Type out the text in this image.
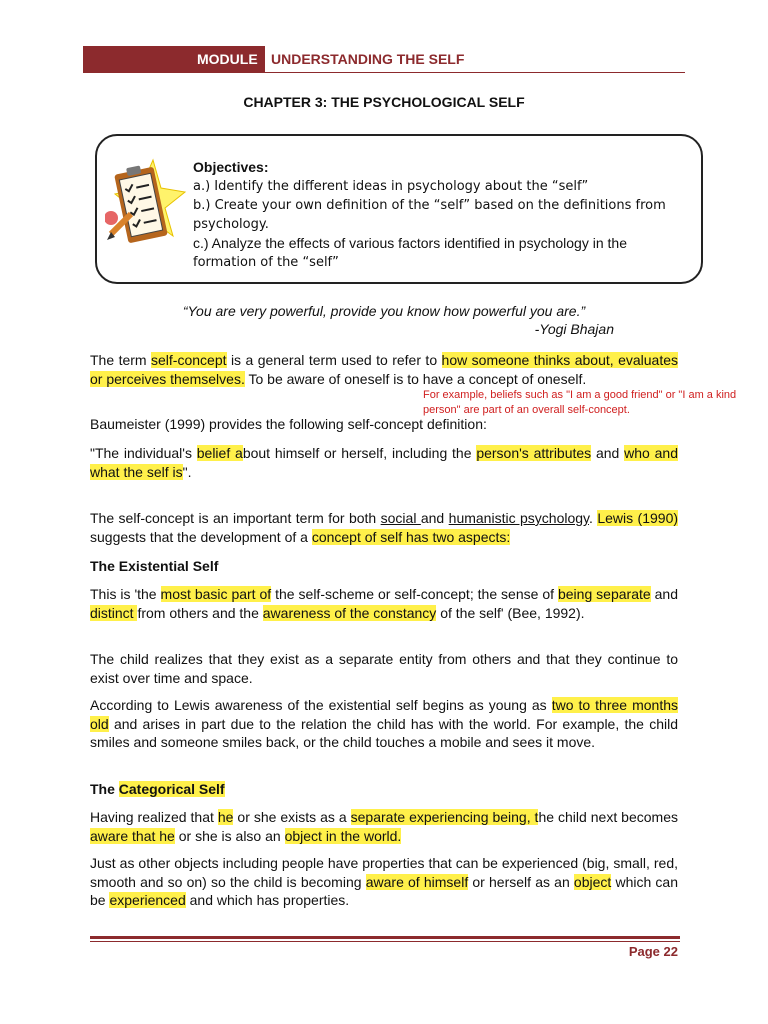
MODULE UNDERSTANDING THE SELF
CHAPTER 3: THE PSYCHOLOGICAL SELF
Objectives:
a.) Identify the different ideas in psychology about the “self”
b.) Create your own definition of the “self” based on the definitions from psychology.
c.) Analyze the effects of various factors identified in psychology in the
formation of the “self”
“You are very powerful, provide you know how powerful you are.”
-Yogi Bhajan
The term self-concept is a general term used to refer to how someone thinks about, evaluates or perceives themselves. To be aware of oneself is to have a concept of oneself.
For example, beliefs such as "I am a good friend" or "I am a kind person" are part of an overall self-concept.
Baumeister (1999) provides the following self-concept definition:
"The individual's belief about himself or herself, including the person's attributes and who and what the self is".
The self-concept is an important term for both social and humanistic psychology. Lewis (1990) suggests that the development of a concept of self has two aspects:
The Existential Self
This is 'the most basic part of the self-scheme or self-concept; the sense of being separate and distinct from others and the awareness of the constancy of the self' (Bee, 1992).
The child realizes that they exist as a separate entity from others and that they continue to exist over time and space.
According to Lewis awareness of the existential self begins as young as two to three months old and arises in part due to the relation the child has with the world. For example, the child smiles and someone smiles back, or the child touches a mobile and sees it move.
The Categorical Self
Having realized that he or she exists as a separate experiencing being, the child next becomes aware that he or she is also an object in the world.
Just as other objects including people have properties that can be experienced (big, small, red, smooth and so on) so the child is becoming aware of himself or herself as an object which can be experienced and which has properties.
Page 22
